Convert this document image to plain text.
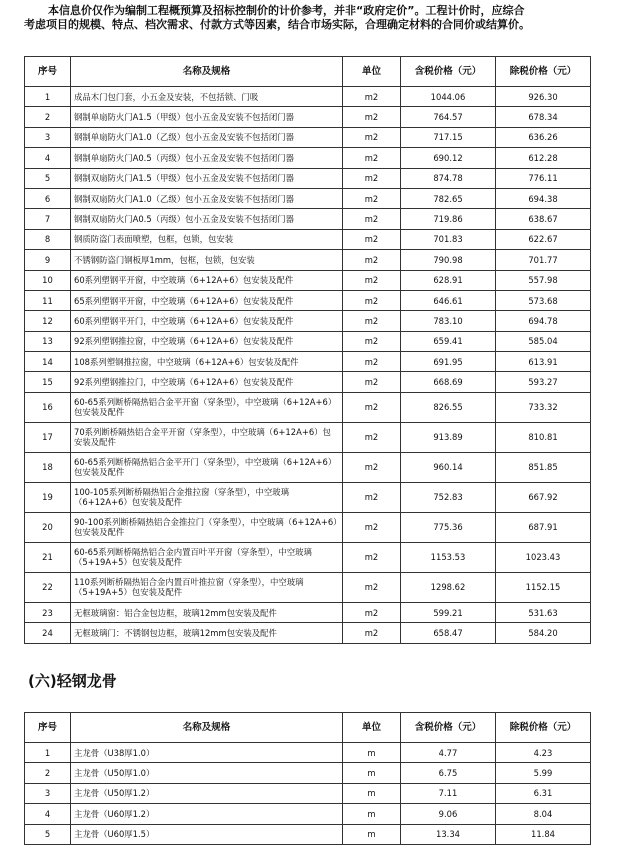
本信息价仅作为编制工程概预算及招标控制价的计价参考，并非“政府定价”。工程计价时，应综合
考虑项目的规模、特点、档次需求、付款方式等因素，结合市场实际，合理确定材料的合同价或结算价。
序号	名称及规格	单位	含税价格（元）	除税价格（元）
1	成品木门包门套，小五金及安装，不包括锁、门吸	m2	1044.06	926.30
2	钢制单扇防火门A1.5（甲级）包小五金及安装不包括闭门器	m2	764.57	678.34
3	钢制单扇防火门A1.0（乙级）包小五金及安装不包括闭门器	m2	717.15	636.26
4	钢制单扇防火门A0.5（丙级）包小五金及安装不包括闭门器	m2	690.12	612.28
5	钢制双扇防火门A1.5（甲级）包小五金及安装不包括闭门器	m2	874.78	776.11
6	钢制双扇防火门A1.0（乙级）包小五金及安装不包括闭门器	m2	782.65	694.38
7	钢制双扇防火门A0.5（丙级）包小五金及安装不包括闭门器	m2	719.86	638.67
8	钢质防盗门表面喷塑，包框，包锁，包安装	m2	701.83	622.67
9	不锈钢防盗门钢板厚1mm，包框，包锁，包安装	m2	790.98	701.77
10	60系列塑钢平开窗，中空玻璃（6+12A+6）包安装及配件	m2	628.91	557.98
11	65系列塑钢平开窗，中空玻璃（6+12A+6）包安装及配件	m2	646.61	573.68
12	60系列塑钢平开门，中空玻璃（6+12A+6）包安装及配件	m2	783.10	694.78
13	92系列塑钢推拉窗，中空玻璃（6+12A+6）包安装及配件	m2	659.41	585.04
14	108系列塑钢推拉窗，中空玻璃（6+12A+6）包安装及配件	m2	691.95	613.91
15	92系列塑钢推拉门，中空玻璃（6+12A+6）包安装及配件	m2	668.69	593.27
16	60-65系列断桥隔热铝合金平开窗（穿条型），中空玻璃（6+12A+6）包安装及配件	m2	826.55	733.32
17	70系列断桥隔热铝合金平开窗（穿条型），中空玻璃（6+12A+6）包安装及配件	m2	913.89	810.81
18	60-65系列断桥隔热铝合金平开门（穿条型），中空玻璃（6+12A+6）包安装及配件	m2	960.14	851.85
19	100-105系列断桥隔热铝合金推拉窗（穿条型），中空玻璃（6+12A+6）包安装及配件	m2	752.83	667.92
20	90-100系列断桥隔热铝合金推拉门（穿条型），中空玻璃（6+12A+6）包安装及配件	m2	775.36	687.91
21	60-65系列断桥隔热铝合金内置百叶平开窗（穿条型），中空玻璃（5+19A+5）包安装及配件	m2	1153.53	1023.43
22	110系列断桥隔热铝合金内置百叶推拉窗（穿条型），中空玻璃（5+19A+5）包安装及配件	m2	1298.62	1152.15
23	无框玻璃窗：铝合金包边框，玻璃12mm包安装及配件	m2	599.21	531.63
24	无框玻璃门：不锈钢包边框，玻璃12mm包安装及配件	m2	658.47	584.20
(六)轻钢龙骨
序号	名称及规格	单位	含税价格（元）	除税价格（元）
1	主龙骨（U38厚1.0）	m	4.77	4.23
2	主龙骨（U50厚1.0）	m	6.75	5.99
3	主龙骨（U50厚1.2）	m	7.11	6.31
4	主龙骨（U60厚1.2）	m	9.06	8.04
5	主龙骨（U60厚1.5）	m	13.34	11.84
